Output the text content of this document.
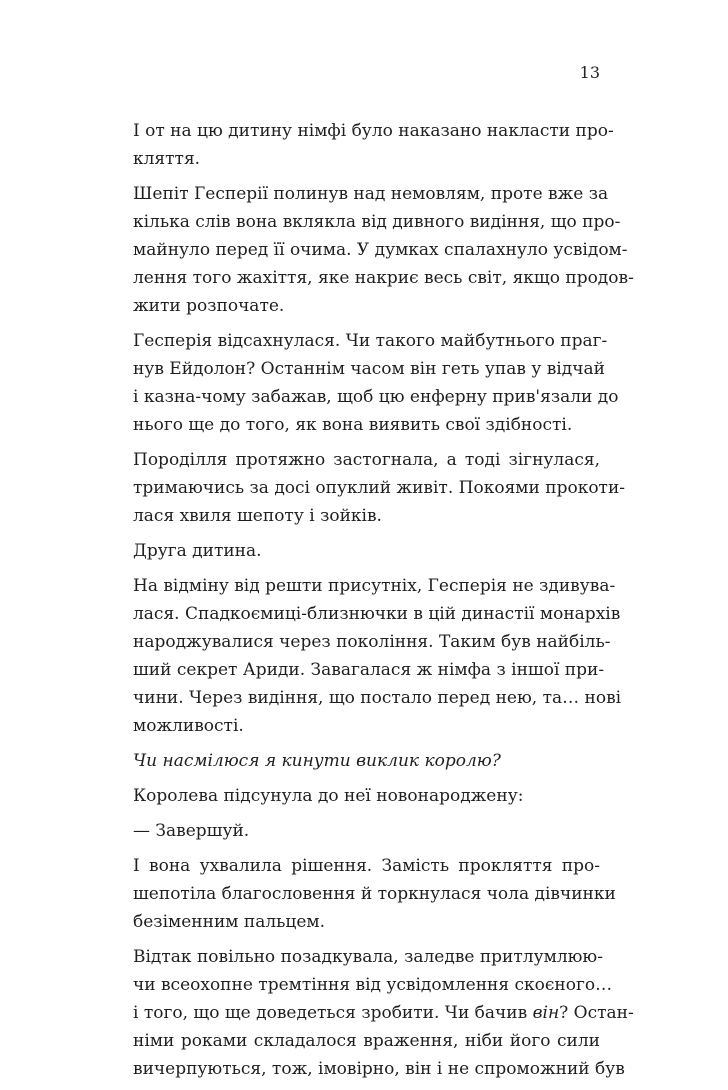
13

І от на цю дитину німфі було наказано накласти про-
кляття.

Шепіт Гесперії полинув над немовлям, проте вже за
кілька слів вона вклякла від дивного видіння, що про-
майнуло перед її очима. У думках спалахнуло усвідом-
лення того жахіття, яке накриє весь світ, якщо продов-
жити розпочате.

Гесперія відсахнулася. Чи такого майбутнього праг-
нув Ейдолон? Останнім часом він геть упав у відчай
і казна-чому забажав, щоб цю енферну прив'язали до
нього ще до того, як вона виявить свої здібності.

Породілля протяжно застогнала, а тоді зігнулася,
тримаючись за досі опуклий живіт. Покоями прокоти-
лася хвиля шепоту і зойків.

Друга дитина.

На відміну від решти присутніх, Гесперія не здивува-
лася. Спадкоємиці-близнючки в цій династії монархів
народжувалися через покоління. Таким був найбіль-
ший секрет Ариди. Завагалася ж німфа з іншої при-
чини. Через видіння, що постало перед нею, та… нові
можливості.

Чи насмілюся я кинути виклик королю?

Королева підсунула до неї новонароджену:

— Завершуй.

І вона ухвалила рішення. Замість прокляття про-
шепотіла благословення й торкнулася чола дівчинки
безіменним пальцем.

Відтак повільно позадкувала, заледве притлумлюю-
чи всеохопне тремтіння від усвідомлення скоєного…
і того, що ще доведеться зробити. Чи бачив він? Остан-
німи роками складалося враження, ніби його сили
вичерпуються, тож, імовірно, він і не спроможний був
